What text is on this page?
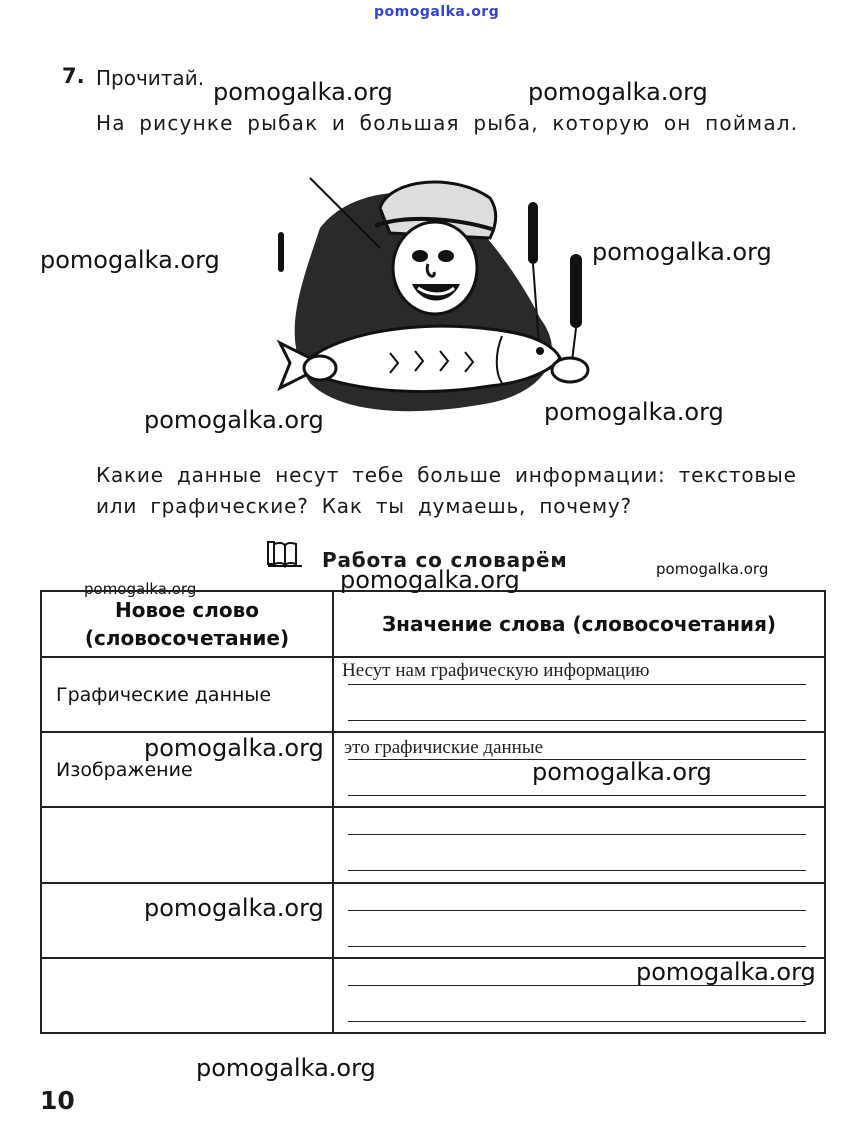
pomogalka.org
pomogalka.org	pomogalka.org
pomogalka.org	pomogalka.org
pomogalka.org	pomogalka.org
pomogalka.org
pomogalka.org
7. Прочитай.
На рисунке рыбак и большая рыба, которую он поймал.
Какие данные несут тебе больше информации: текстовые или графические? Как ты думаешь, почему?
Работа со словарём
Новое слово (словосочетание)	Значение слова (словосочетания)
Графические данные	Несут нам графическую информацию

Изображение	это графичиские данные

pomogalka.org
pomogalka.org
pomogalka.org
pomogalka.org
pomogalka.org
pomogalka.org
10
